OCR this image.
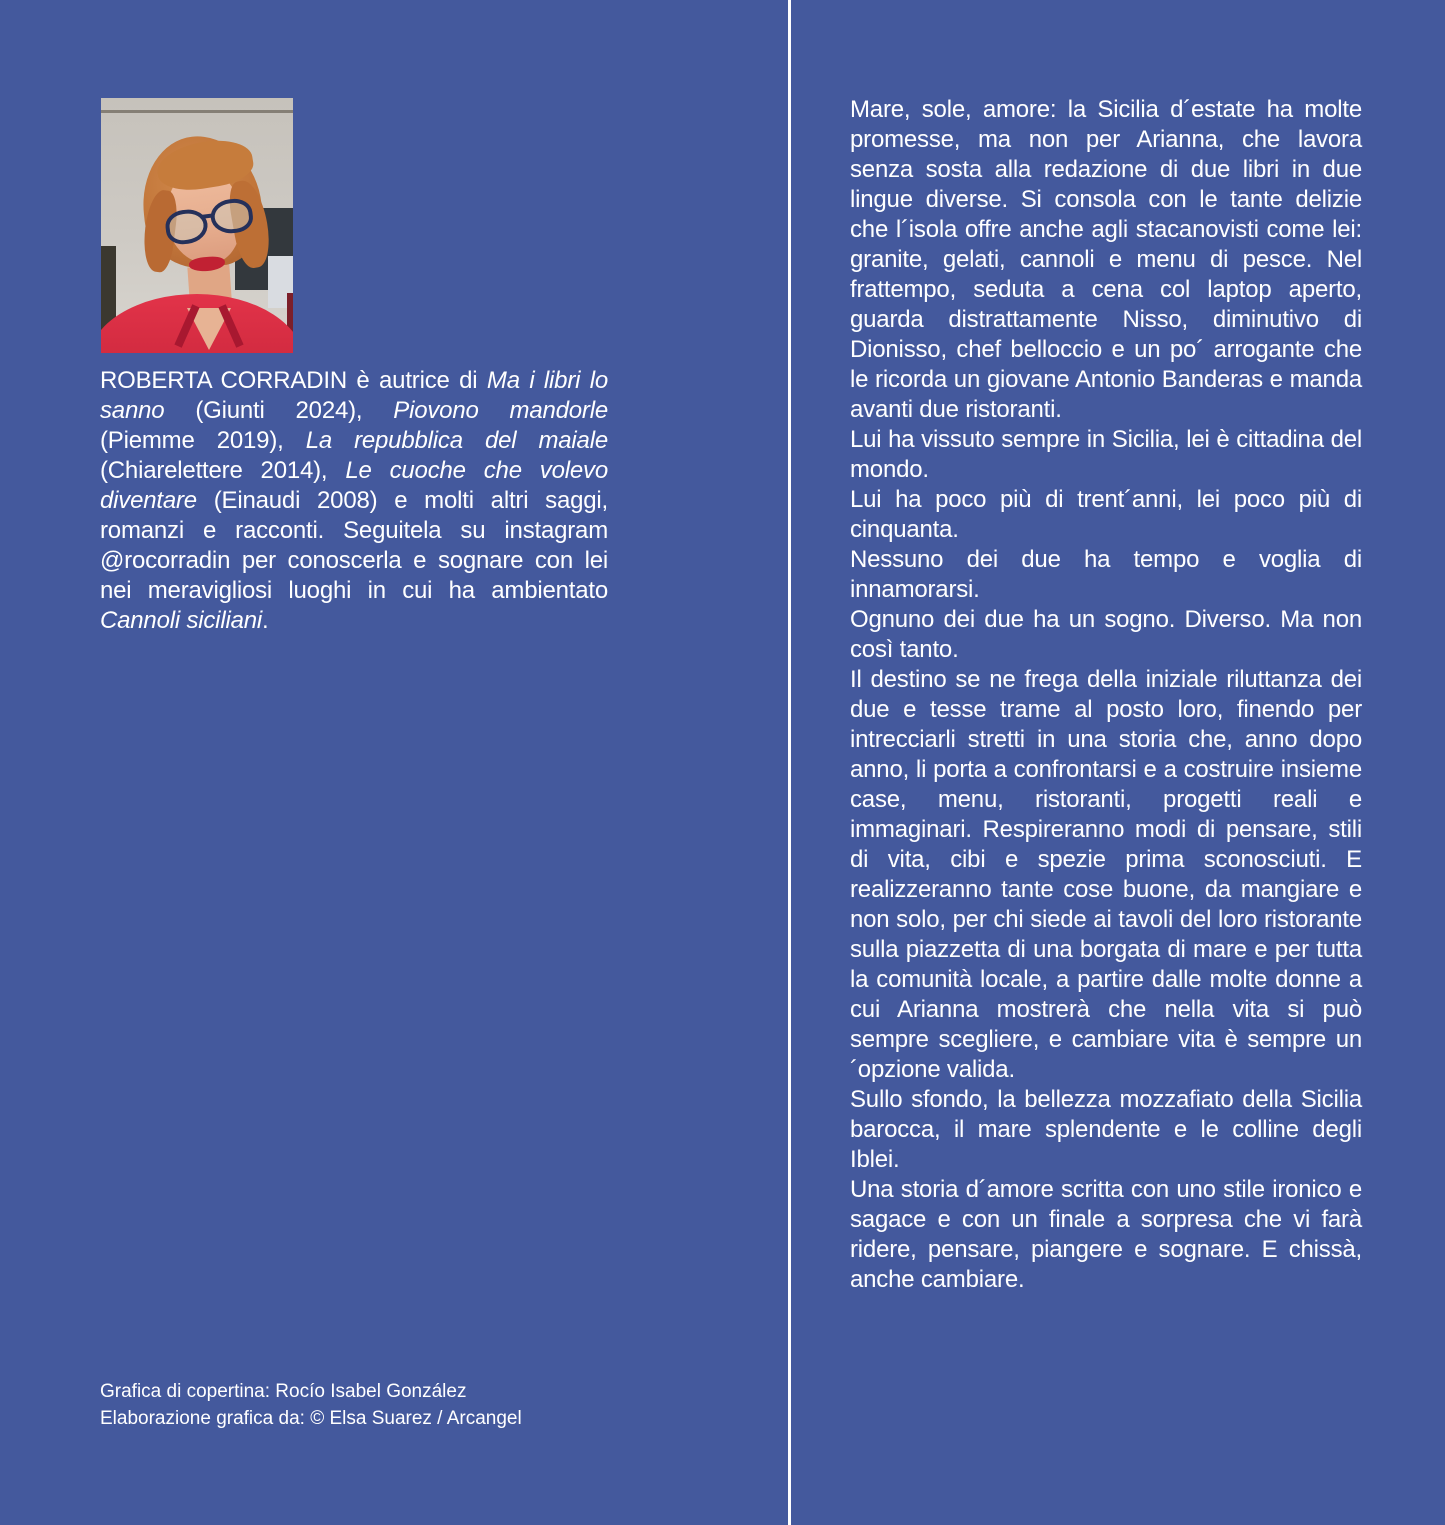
ROBERTA CORRADIN è autrice di Ma i libri lo sanno (Giunti 2024), Piovono mandorle (Piemme 2019), La repubblica del maiale (Chiarelettere 2014), Le cuoche che volevo diventare (Einaudi 2008) e molti altri saggi, romanzi e racconti. Seguitela su instagram @rocorradin per conoscerla e sognare con lei nei meravigliosi luoghi in cui ha ambientato Cannoli siciliani.

Grafica di copertina: Rocío Isabel González

Elaborazione grafica da: © Elsa Suarez / Arcangel

Mare, sole, amore: la Sicilia d´estate ha molte promesse, ma non per Arianna, che lavora senza sosta alla redazione di due libri in due lingue diverse. Si consola con le tante delizie che l´isola offre anche agli stacanovisti come lei: granite, gelati, cannoli e menu di pesce. Nel frattempo, seduta a cena col laptop aperto, guarda distrattamente Nisso, diminutivo di Dionisso, chef belloccio e un po´ arrogante che le ricorda un giovane Antonio Banderas e manda avanti due ristoranti.

Lui ha vissuto sempre in Sicilia, lei è cittadina del mondo.

Lui ha poco più di trent´anni, lei poco più di cinquanta.

Nessuno dei due ha tempo e voglia di innamorarsi.

Ognuno dei due ha un sogno. Diverso. Ma non così tanto.

Il destino se ne frega della iniziale riluttanza dei due e tesse trame al posto loro, finendo per intrecciarli stretti in una storia che, anno dopo anno, li porta a confrontarsi e a costruire insieme case, menu, ristoranti, progetti reali e immaginari. Respireranno modi di pensare, stili di vita, cibi e spezie prima sconosciuti. E realizzeranno tante cose buone, da mangiare e non solo, per chi siede ai tavoli del loro ristorante sulla piazzetta di una borgata di mare e per tutta la comunità locale, a partire dalle molte donne a cui Arianna mostrerà che nella vita si può sempre scegliere, e cambiare vita è sempre un´opzione valida.

Sullo sfondo, la bellezza mozzafiato della Sicilia barocca, il mare splendente e le colline degli Iblei.

Una storia d´amore scritta con uno stile ironico e sagace e con un finale a sorpresa che vi farà ridere, pensare, piangere e sognare. E chissà, anche cambiare.
